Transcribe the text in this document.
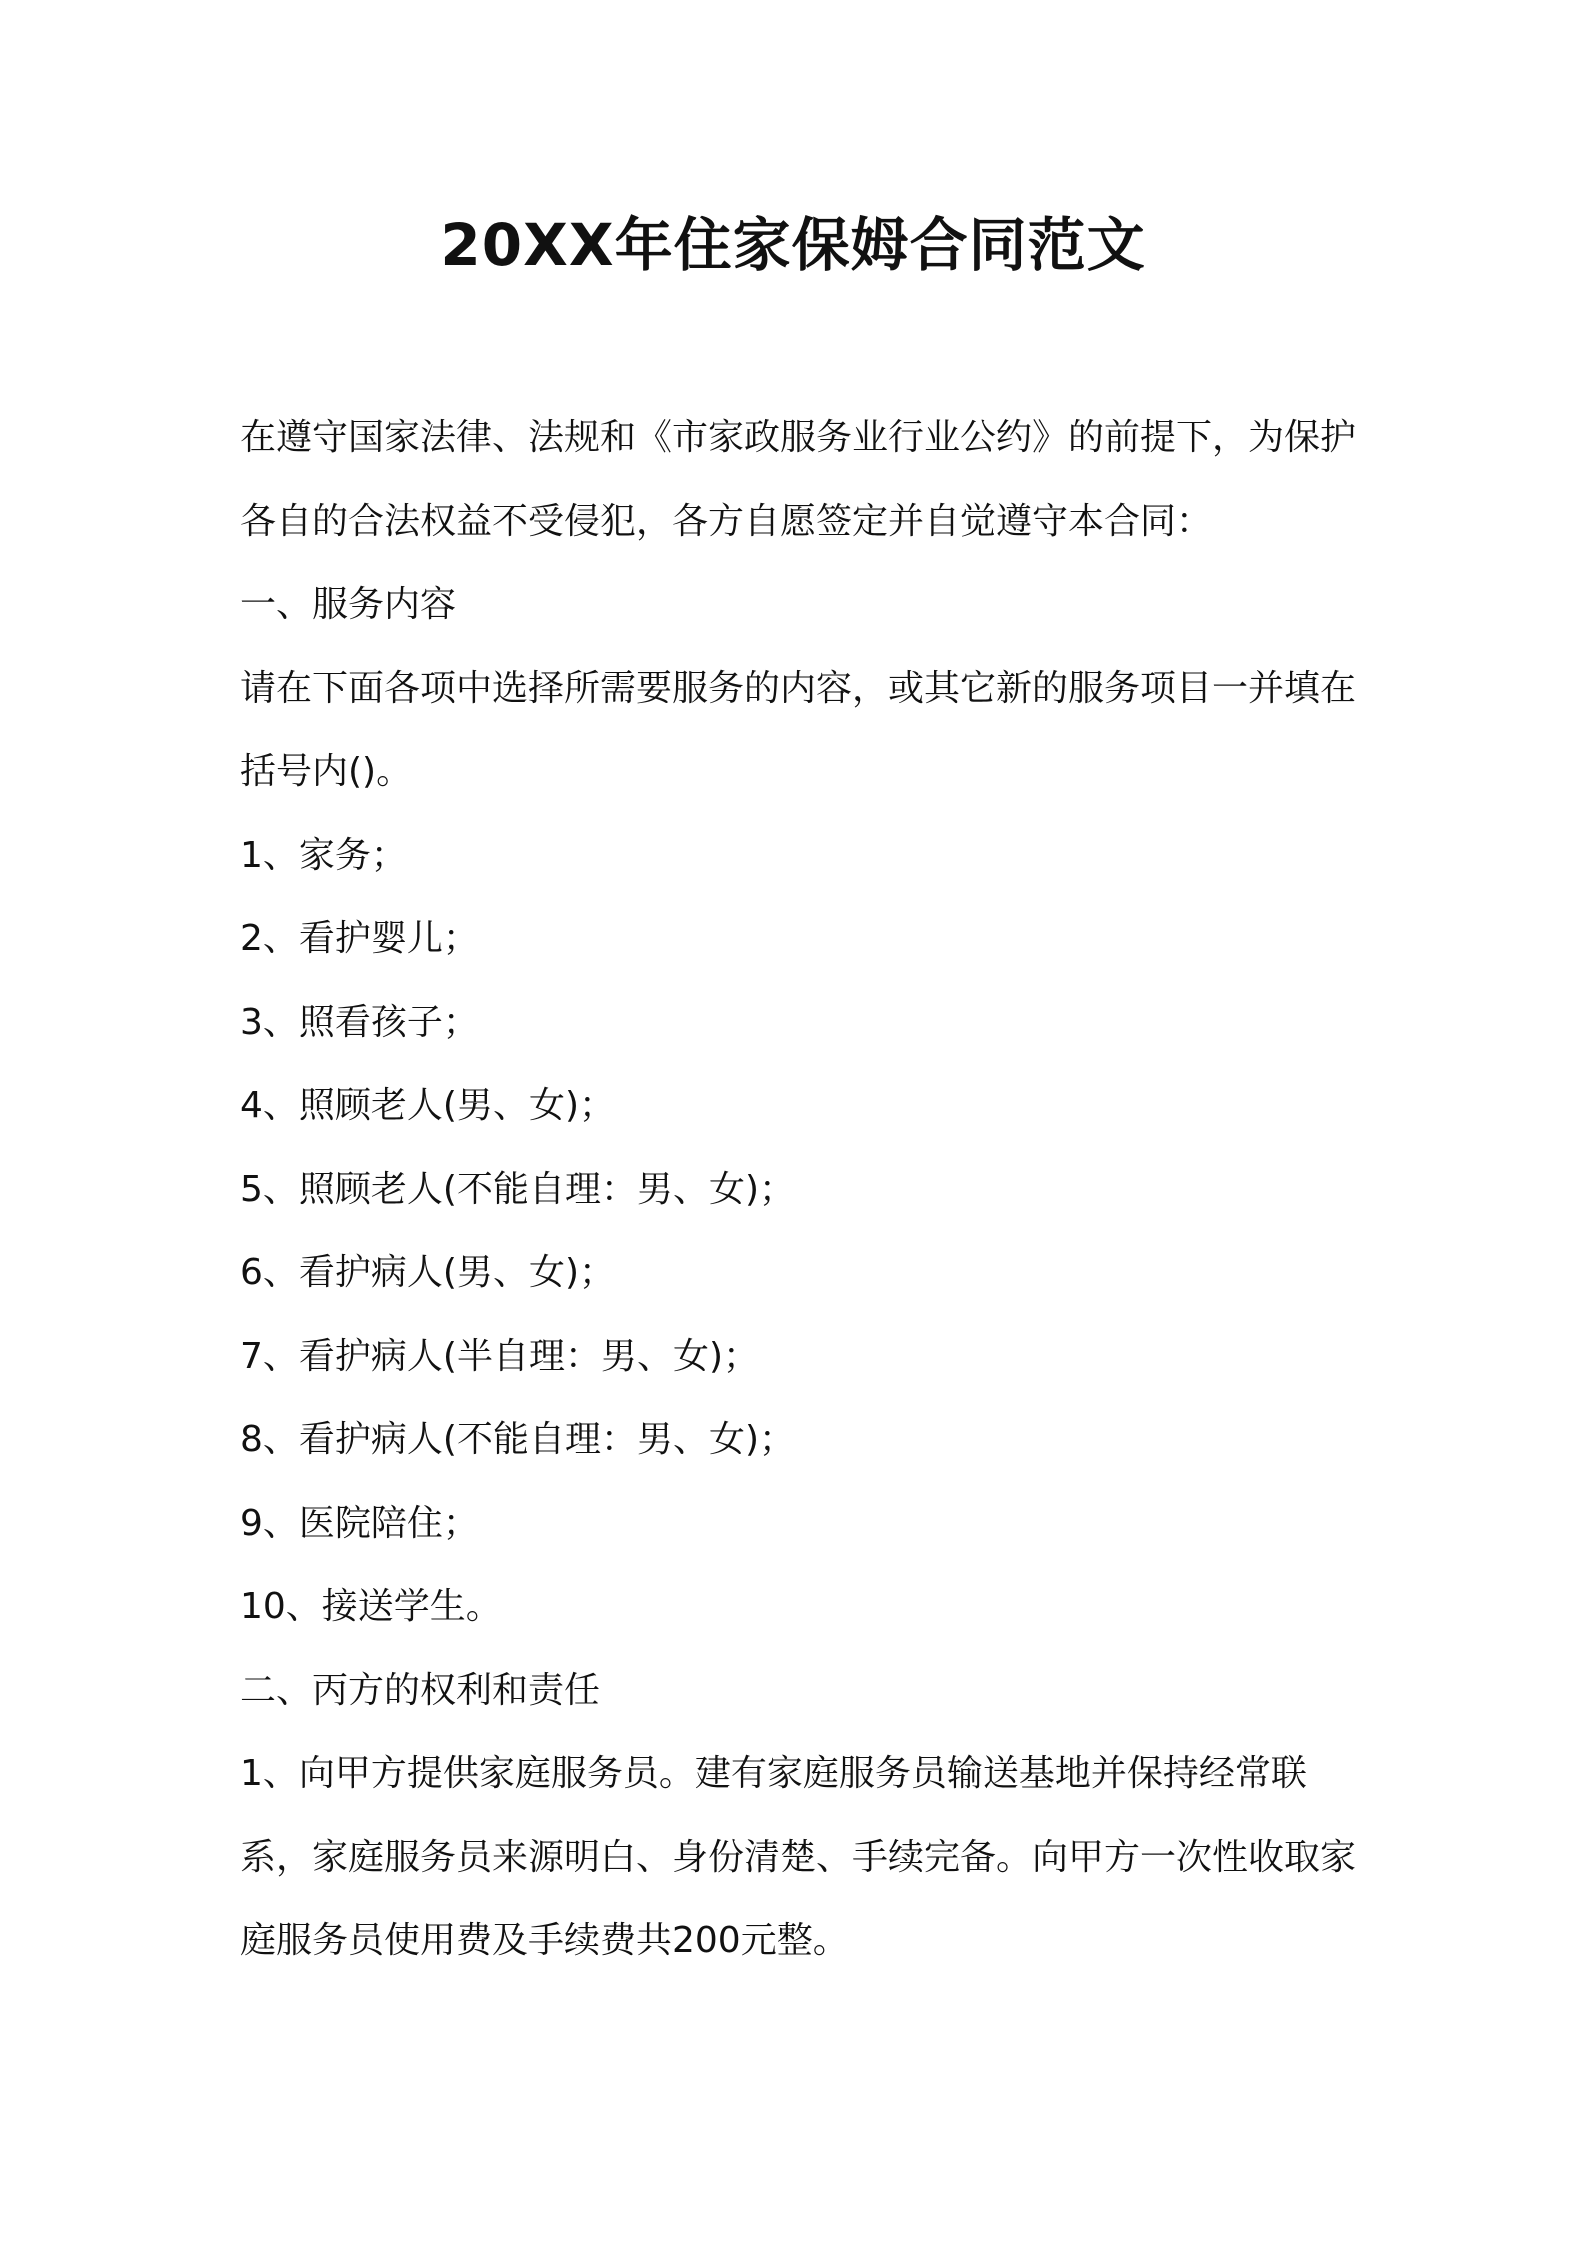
20XX年住家保姆合同范文

在遵守国家法律、法规和《市家政服务业行业公约》的前提下，为保护各自的合法权益不受侵犯，各方自愿签定并自觉遵守本合同：

一、服务内容

请在下面各项中选择所需要服务的内容，或其它新的服务项目一并填在括号内()。

1、家务；
2、看护婴儿；
3、照看孩子；
4、照顾老人(男、女)；
5、照顾老人(不能自理：男、女)；
6、看护病人(男、女)；
7、看护病人(半自理：男、女)；
8、看护病人(不能自理：男、女)；
9、医院陪住；
10、接送学生。

二、丙方的权利和责任

1、向甲方提供家庭服务员。建有家庭服务员输送基地并保持经常联系，家庭服务员来源明白、身份清楚、手续完备。向甲方一次性收取家庭服务员使用费及手续费共200元整。
